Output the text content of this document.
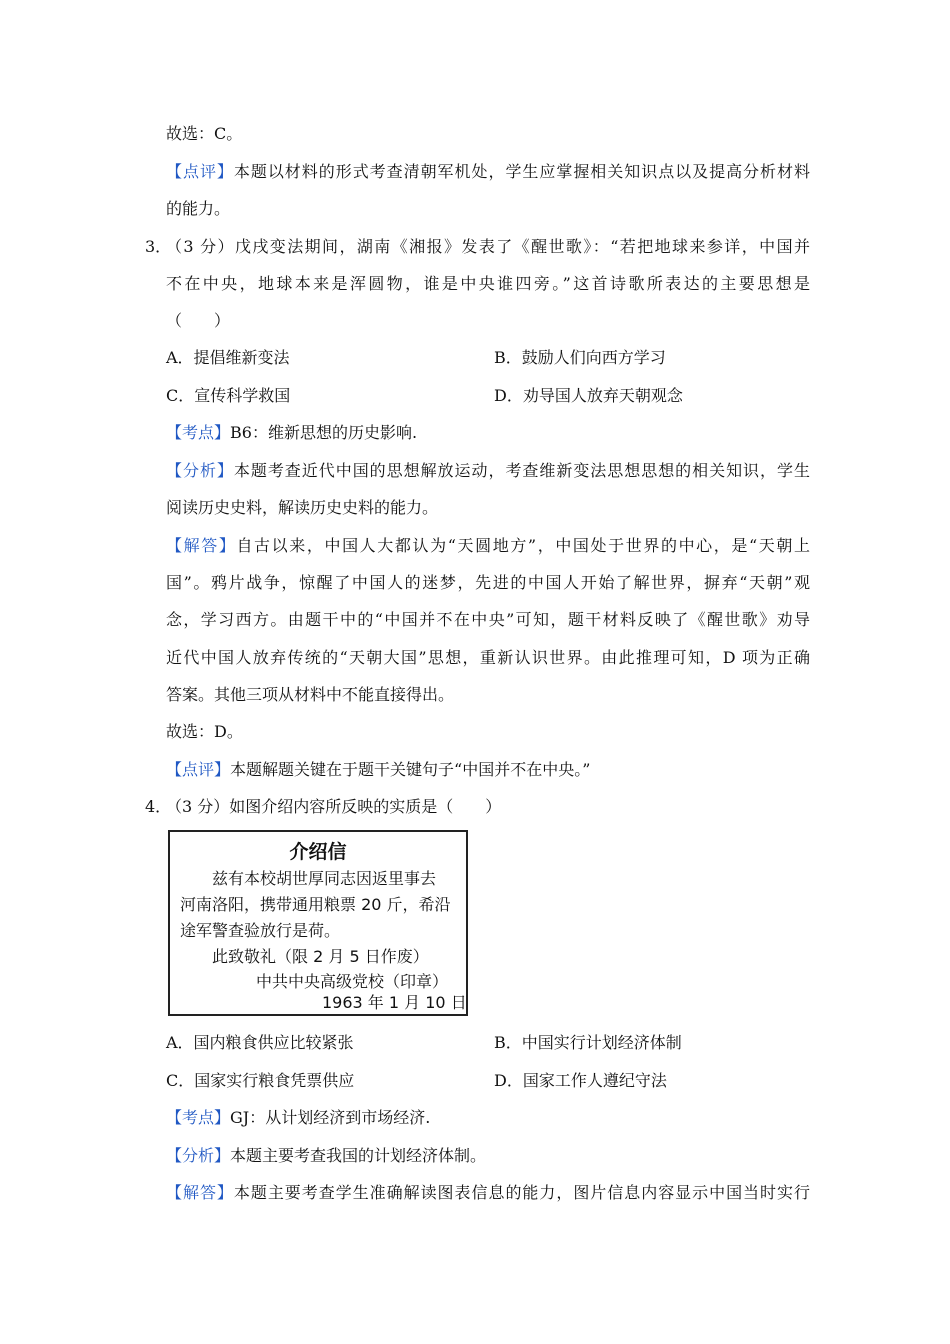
故选：C。
【点评】本题以材料的形式考查清朝军机处，学生应掌握相关知识点以及提高分析材料
的能力。
3．
（3 分）戊戌变法期间，湖南《湘报》发表了《醒世歌》：“若把地球来参详，中国并
不在中央，地球本来是浑圆物，谁是中央谁四旁。”这首诗歌所表达的主要思想是
（　　）
A．提倡维新变法	B．鼓励人们向西方学习
C．宣传科学救国	D．劝导国人放弃天朝观念
【考点】B6：维新思想的历史影响.
【分析】本题考查近代中国的思想解放运动，考查维新变法思想思想的相关知识，学生
阅读历史史料，解读历史史料的能力。
【解答】自古以来，中国人大都认为“天圆地方”，中国处于世界的中心，是“天朝上
国”。鸦片战争，惊醒了中国人的迷梦，先进的中国人开始了解世界，摒弃“天朝”观
念，学习西方。由题干中的“中国并不在中央”可知，题干材料反映了《醒世歌》劝导
近代中国人放弃传统的“天朝大国”思想，重新认识世界。由此推理可知，D 项为正确
答案。其他三项从材料中不能直接得出。
故选：D。
【点评】本题解题关键在于题干关键句子“中国并不在中央。”
4．
（3 分）如图介绍内容所反映的实质是（　　）
介绍信
兹有本校胡世厚同志因返里事去
河南洛阳，携带通用粮票 20 斤，希沿
途军警查验放行是荷。
此致敬礼（限 2 月 5 日作废）
中共中央高级党校（印章）
1963 年 1 月 10 日
A．国内粮食供应比较紧张	B．中国实行计划经济体制
C．国家实行粮食凭票供应	D．国家工作人遵纪守法
【考点】GJ：从计划经济到市场经济.
【分析】本题主要考查我国的计划经济体制。
【解答】本题主要考查学生准确解读图表信息的能力，图片信息内容显示中国当时实行
